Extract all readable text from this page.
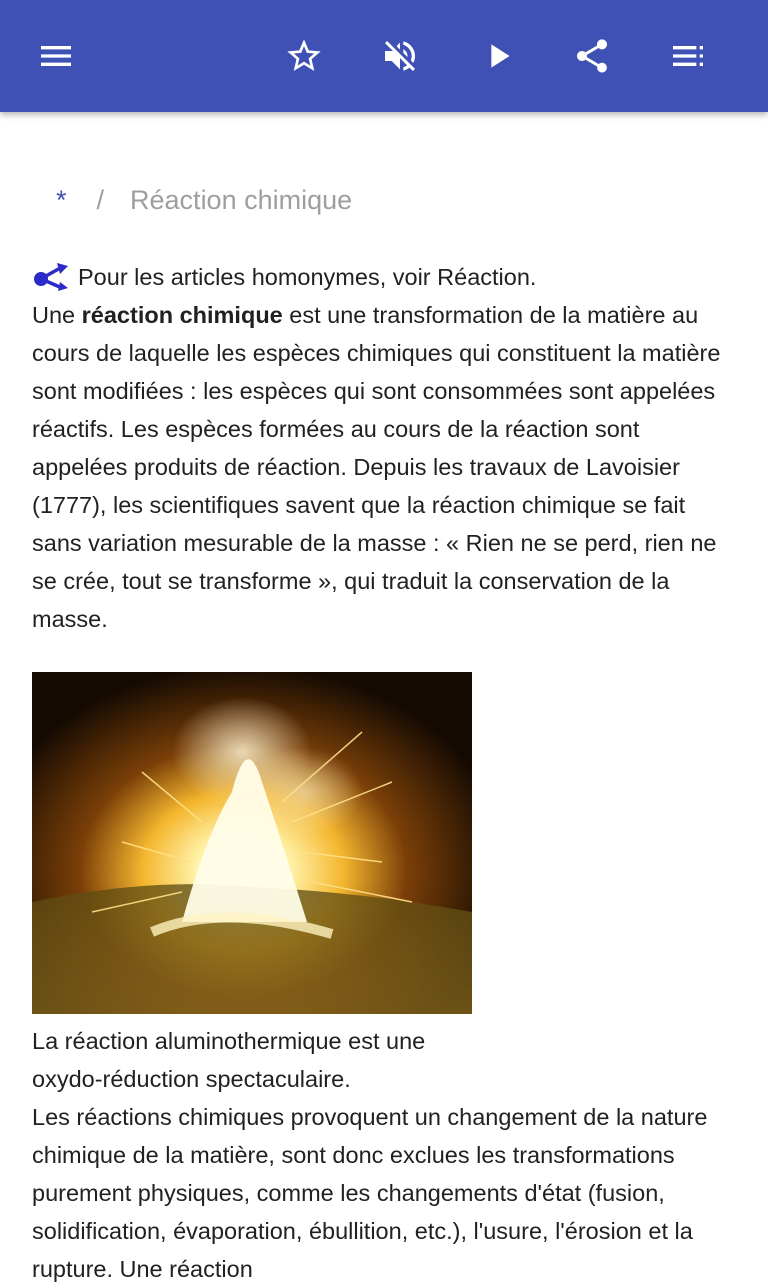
* / Réaction chimique

Pour les articles homonymes, voir Réaction.

Une réaction chimique est une transformation de la matière au cours de laquelle les espèces chimiques qui constituent la matière sont modifiées : les espèces qui sont consommées sont appelées réactifs. Les espèces formées au cours de la réaction sont appelées produits de réaction. Depuis les travaux de Lavoisier (1777), les scientifiques savent que la réaction chimique se fait sans variation mesurable de la masse : « Rien ne se perd, rien ne se crée, tout se transforme », qui traduit la conservation de la masse.

La réaction aluminothermique est une oxydo-réduction spectaculaire.

Les réactions chimiques provoquent un changement de la nature chimique de la matière, sont donc exclues les transformations purement physiques, comme les changements d'état (fusion, solidification, évaporation, ébullition, etc.), l'usure, l'érosion et la rupture. Une réaction
